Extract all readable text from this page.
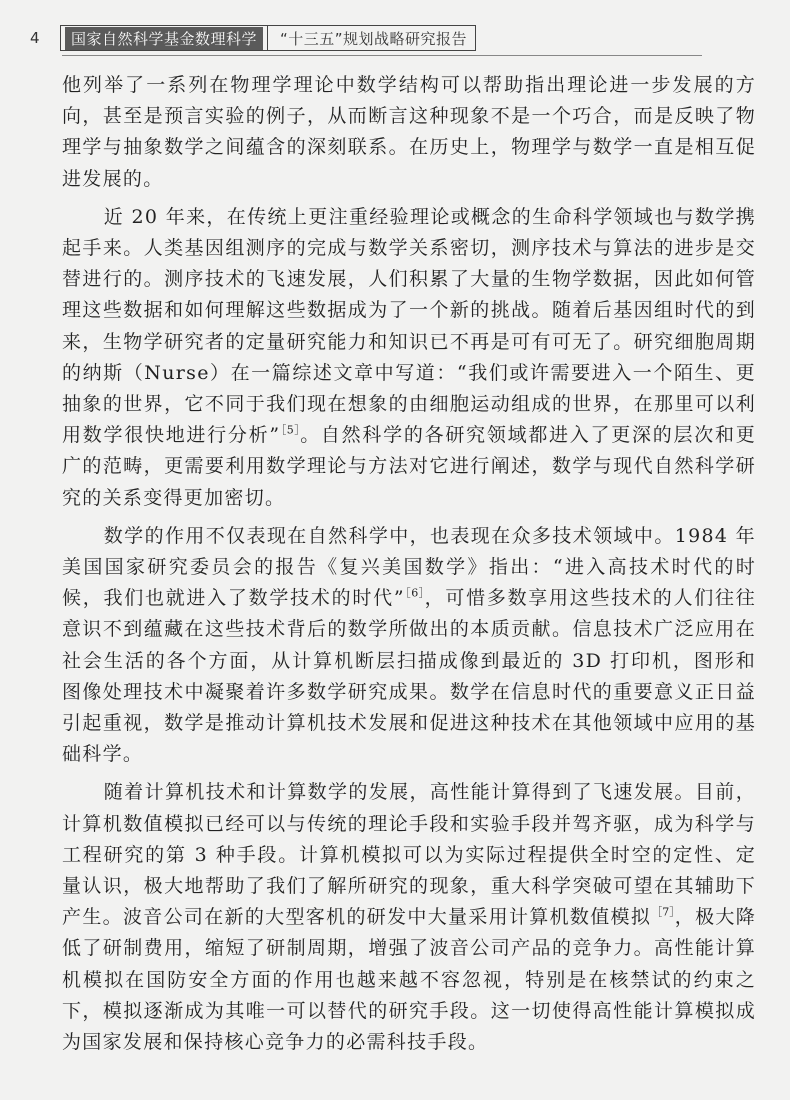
4	国家自然科学基金数理科学	“十三五”规划战略研究报告

他列举了一系列在物理学理论中数学结构可以帮助指出理论进一步发展的方向，甚至是预言实验的例子，从而断言这种现象不是一个巧合，而是反映了物理学与抽象数学之间蕴含的深刻联系。在历史上，物理学与数学一直是相互促进发展的。

近 20 年来，在传统上更注重经验理论或概念的生命科学领域也与数学携起手来。人类基因组测序的完成与数学关系密切，测序技术与算法的进步是交替进行的。测序技术的飞速发展，人们积累了大量的生物学数据，因此如何管理这些数据和如何理解这些数据成为了一个新的挑战。随着后基因组时代的到来，生物学研究者的定量研究能力和知识已不再是可有可无了。研究细胞周期的纳斯（Nurse）在一篇综述文章中写道：“我们或许需要进入一个陌生、更抽象的世界，它不同于我们现在想象的由细胞运动组成的世界，在那里可以利用数学很快地进行分析”$^{[5]}$。自然科学的各研究领域都进入了更深的层次和更广的范畴，更需要利用数学理论与方法对它进行阐述，数学与现代自然科学研究的关系变得更加密切。

数学的作用不仅表现在自然科学中，也表现在众多技术领域中。1984 年美国国家研究委员会的报告《复兴美国数学》指出：“进入高技术时代的时候，我们也就进入了数学技术的时代”$^{[6]}$，可惜多数享用这些技术的人们往往意识不到蕴藏在这些技术背后的数学所做出的本质贡献。信息技术广泛应用在社会生活的各个方面，从计算机断层扫描成像到最近的 3D 打印机，图形和图像处理技术中凝聚着许多数学研究成果。数学在信息时代的重要意义正日益引起重视，数学是推动计算机技术发展和促进这种技术在其他领域中应用的基础科学。

随着计算机技术和计算数学的发展，高性能计算得到了飞速发展。目前，计算机数值模拟已经可以与传统的理论手段和实验手段并驾齐驱，成为科学与工程研究的第 3 种手段。计算机模拟可以为实际过程提供全时空的定性、定量认识，极大地帮助了我们了解所研究的现象，重大科学突破可望在其辅助下产生。波音公司在新的大型客机的研发中大量采用计算机数值模拟$^{[7]}$，极大降低了研制费用，缩短了研制周期，增强了波音公司产品的竞争力。高性能计算机模拟在国防安全方面的作用也越来越不容忽视，特别是在核禁试的约束之下，模拟逐渐成为其唯一可以替代的研究手段。这一切使得高性能计算模拟成为国家发展和保持核心竞争力的必需科技手段。
